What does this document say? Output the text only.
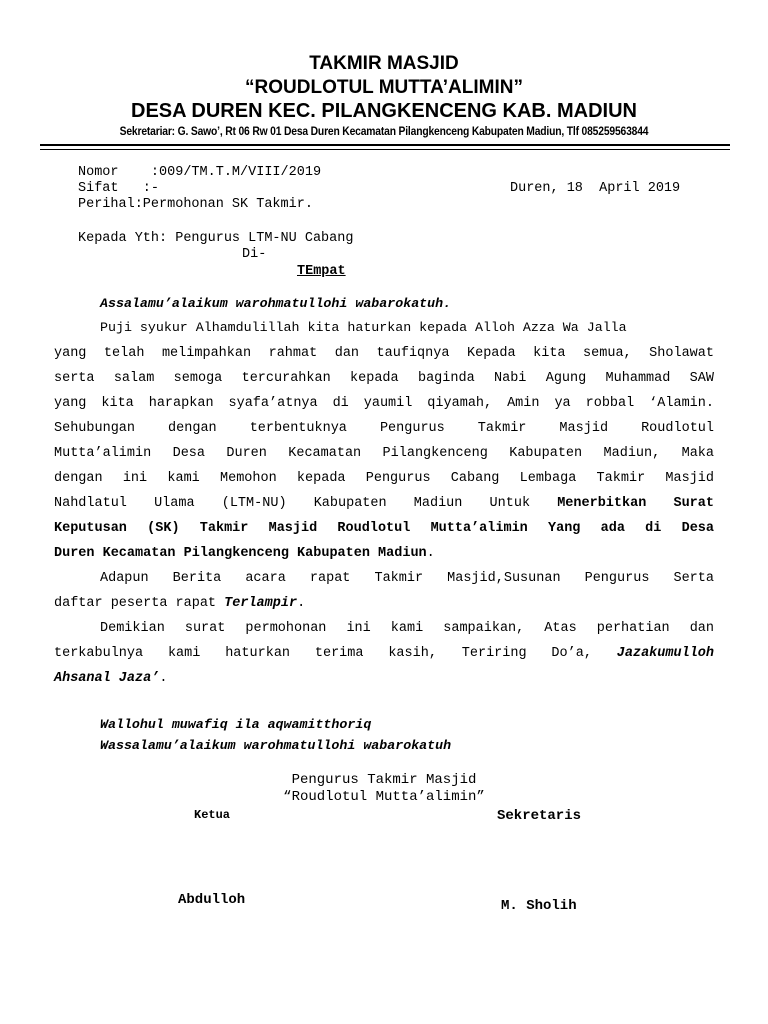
TAKMIR MASJID
“ROUDLOTUL MUTTA’ALIMIN”
DESA DUREN KEC. PILANGKENCENG KAB. MADIUN
Sekretariar: G. Sawo’, Rt 06 Rw 01 Desa Duren Kecamatan Pilangkenceng Kabupaten Madiun, Tlf 085259563844
Nomor    :009/TM.T.M/VIII/2019
Sifat   :-	Duren, 18  April 2019
Perihal:Permohonan SK Takmir.
Kepada Yth: Pengurus LTM-NU Cabang
Di-
TEmpat
Assalamu’alaikum warohmatullohi wabarokatuh.
Puji syukur Alhamdulillah kita haturkan kepada Alloh Azza Wa Jalla
yang telah melimpahkan rahmat dan taufiqnya Kepada kita semua, Sholawat
serta salam semoga tercurahkan kepada baginda Nabi Agung Muhammad SAW
yang kita harapkan syafa’atnya di yaumil qiyamah, Amin ya robbal ‘Alamin.
Sehubungan dengan terbentuknya Pengurus Takmir Masjid Roudlotul
Mutta’alimin Desa Duren Kecamatan Pilangkenceng Kabupaten Madiun, Maka
dengan ini kami Memohon kepada Pengurus Cabang Lembaga Takmir Masjid
Nahdlatul Ulama (LTM-NU) Kabupaten Madiun Untuk Menerbitkan Surat
Keputusan (SK) Takmir Masjid Roudlotul Mutta’alimin Yang ada di Desa
Duren Kecamatan Pilangkenceng Kabupaten Madiun.
Adapun Berita acara rapat Takmir Masjid,Susunan Pengurus Serta
daftar peserta rapat Terlampir.
Demikian surat permohonan ini kami sampaikan, Atas perhatian dan
terkabulnya kami haturkan terima kasih, Teriring Do’a, Jazakumulloh
Ahsanal Jaza’.
Wallohul muwafiq ila aqwamitthoriq
Wassalamu’alaikum warohmatullohi wabarokatuh
Pengurus Takmir Masjid
“Roudlotul Mutta’alimin”
Ketua	Sekretaris
Abdulloh	M. Sholih
